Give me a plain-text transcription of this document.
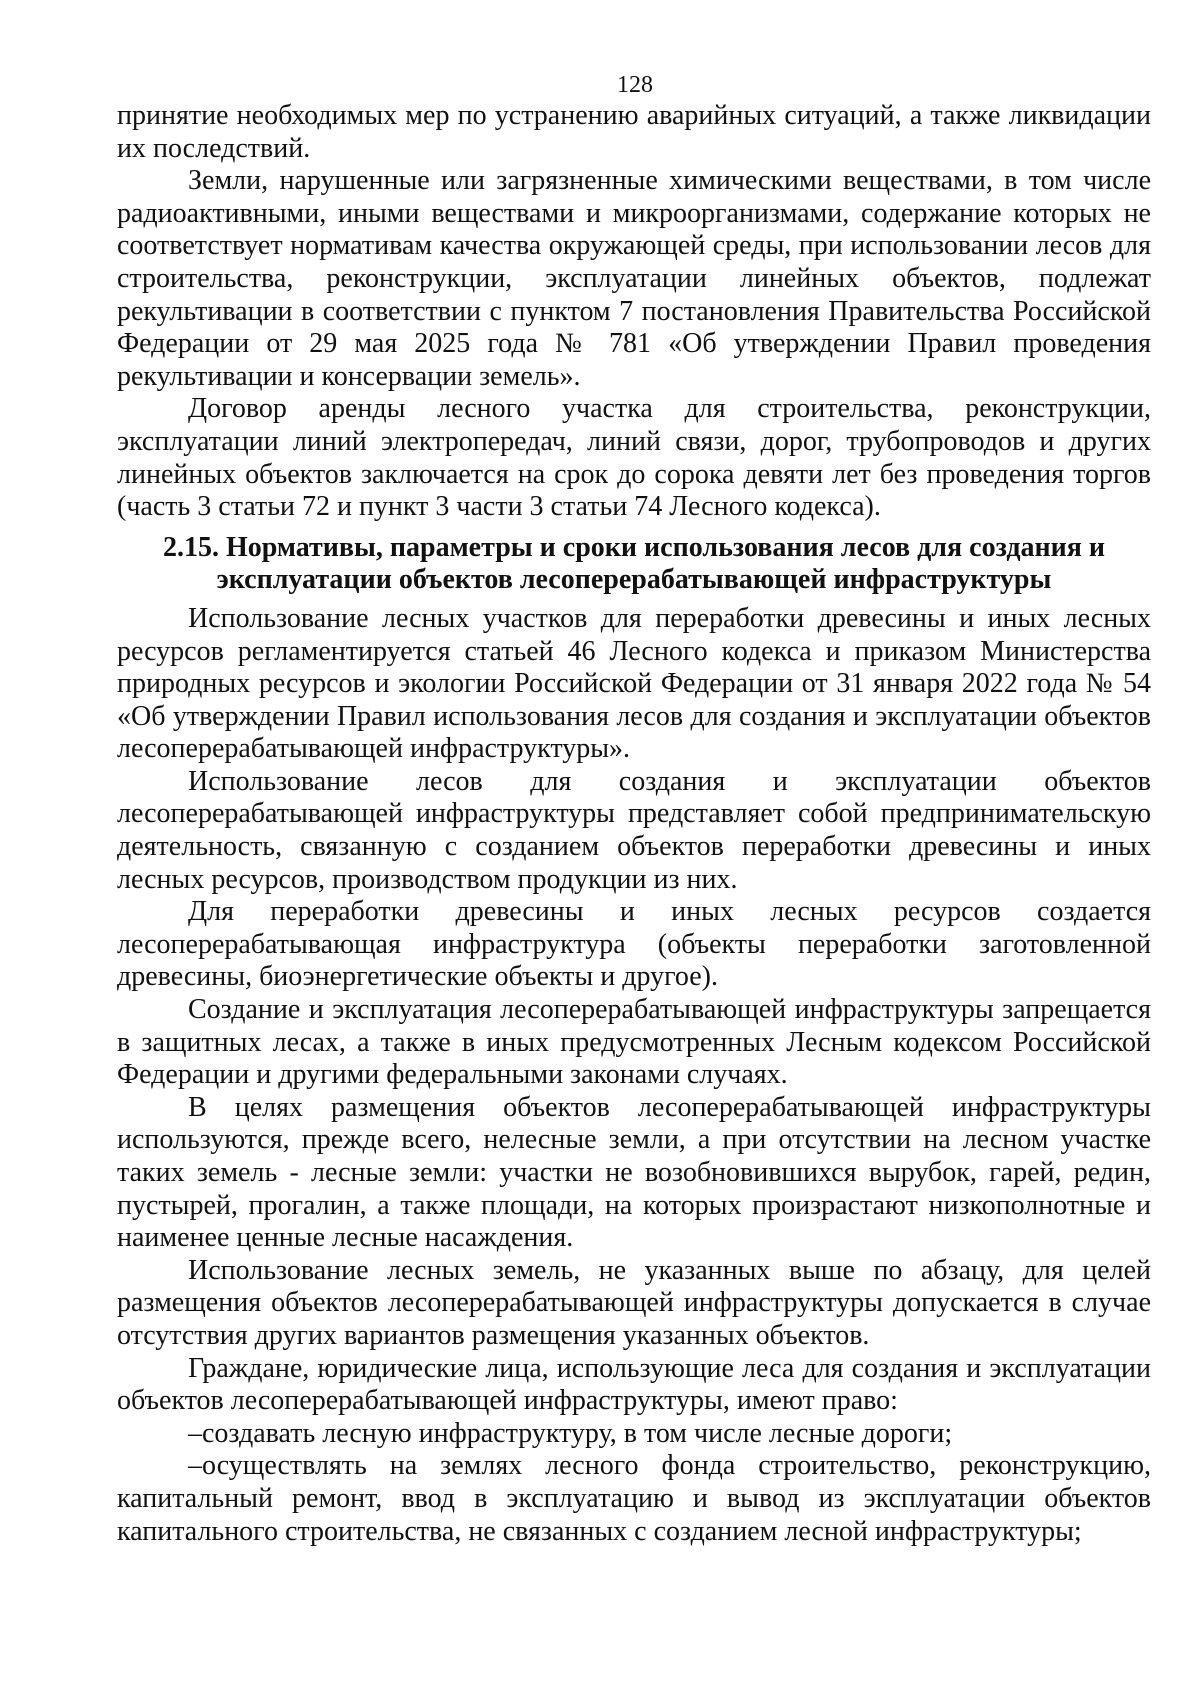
128

принятие необходимых мер по устранению аварийных ситуаций, а также ликвидации их последствий.

Земли, нарушенные или загрязненные химическими веществами, в том числе радиоактивными, иными веществами и микроорганизмами, содержание которых не соответствует нормативам качества окружающей среды, при использовании лесов для строительства, реконструкции, эксплуатации линейных объектов, подлежат рекультивации в соответствии с пунктом 7 постановления Правительства Российской Федерации от 29 мая 2025 года № 781 «Об утверждении Правил проведения рекультивации и консервации земель».

Договор аренды лесного участка для строительства, реконструкции, эксплуатации линий электропередач, линий связи, дорог, трубопроводов и других линейных объектов заключается на срок до сорока девяти лет без проведения торгов (часть 3 статьи 72 и пункт 3 части 3 статьи 74 Лесного кодекса).

2.15. Нормативы, параметры и сроки использования лесов для создания и
эксплуатации объектов лесоперерабатывающей инфраструктуры

Использование лесных участков для переработки древесины и иных лесных ресурсов регламентируется статьей 46 Лесного кодекса и приказом Министерства природных ресурсов и экологии Российской Федерации от 31 января 2022 года № 54 «Об утверждении Правил использования лесов для создания и эксплуатации объектов лесоперерабатывающей инфраструктуры».

Использование лесов для создания и эксплуатации объектов лесоперерабатывающей инфраструктуры представляет собой предпринимательскую деятельность, связанную с созданием объектов переработки древесины и иных лесных ресурсов, производством продукции из них.

Для переработки древесины и иных лесных ресурсов создается лесоперерабатывающая инфраструктура (объекты переработки заготовленной древесины, биоэнергетические объекты и другое).

Создание и эксплуатация лесоперерабатывающей инфраструктуры запрещается в защитных лесах, а также в иных предусмотренных Лесным кодексом Российской Федерации и другими федеральными законами случаях.

В целях размещения объектов лесоперерабатывающей инфраструктуры используются, прежде всего, нелесные земли, а при отсутствии на лесном участке таких земель - лесные земли: участки не возобновившихся вырубок, гарей, редин, пустырей, прогалин, а также площади, на которых произрастают низкополнотные и наименее ценные лесные насаждения.

Использование лесных земель, не указанных выше по абзацу, для целей размещения объектов лесоперерабатывающей инфраструктуры допускается в случае отсутствия других вариантов размещения указанных объектов.

Граждане, юридические лица, использующие леса для создания и эксплуатации объектов лесоперерабатывающей инфраструктуры, имеют право:

–создавать лесную инфраструктуру, в том числе лесные дороги;

–осуществлять на землях лесного фонда строительство, реконструкцию, капитальный ремонт, ввод в эксплуатацию и вывод из эксплуатации объектов капитального строительства, не связанных с созданием лесной инфраструктуры;
